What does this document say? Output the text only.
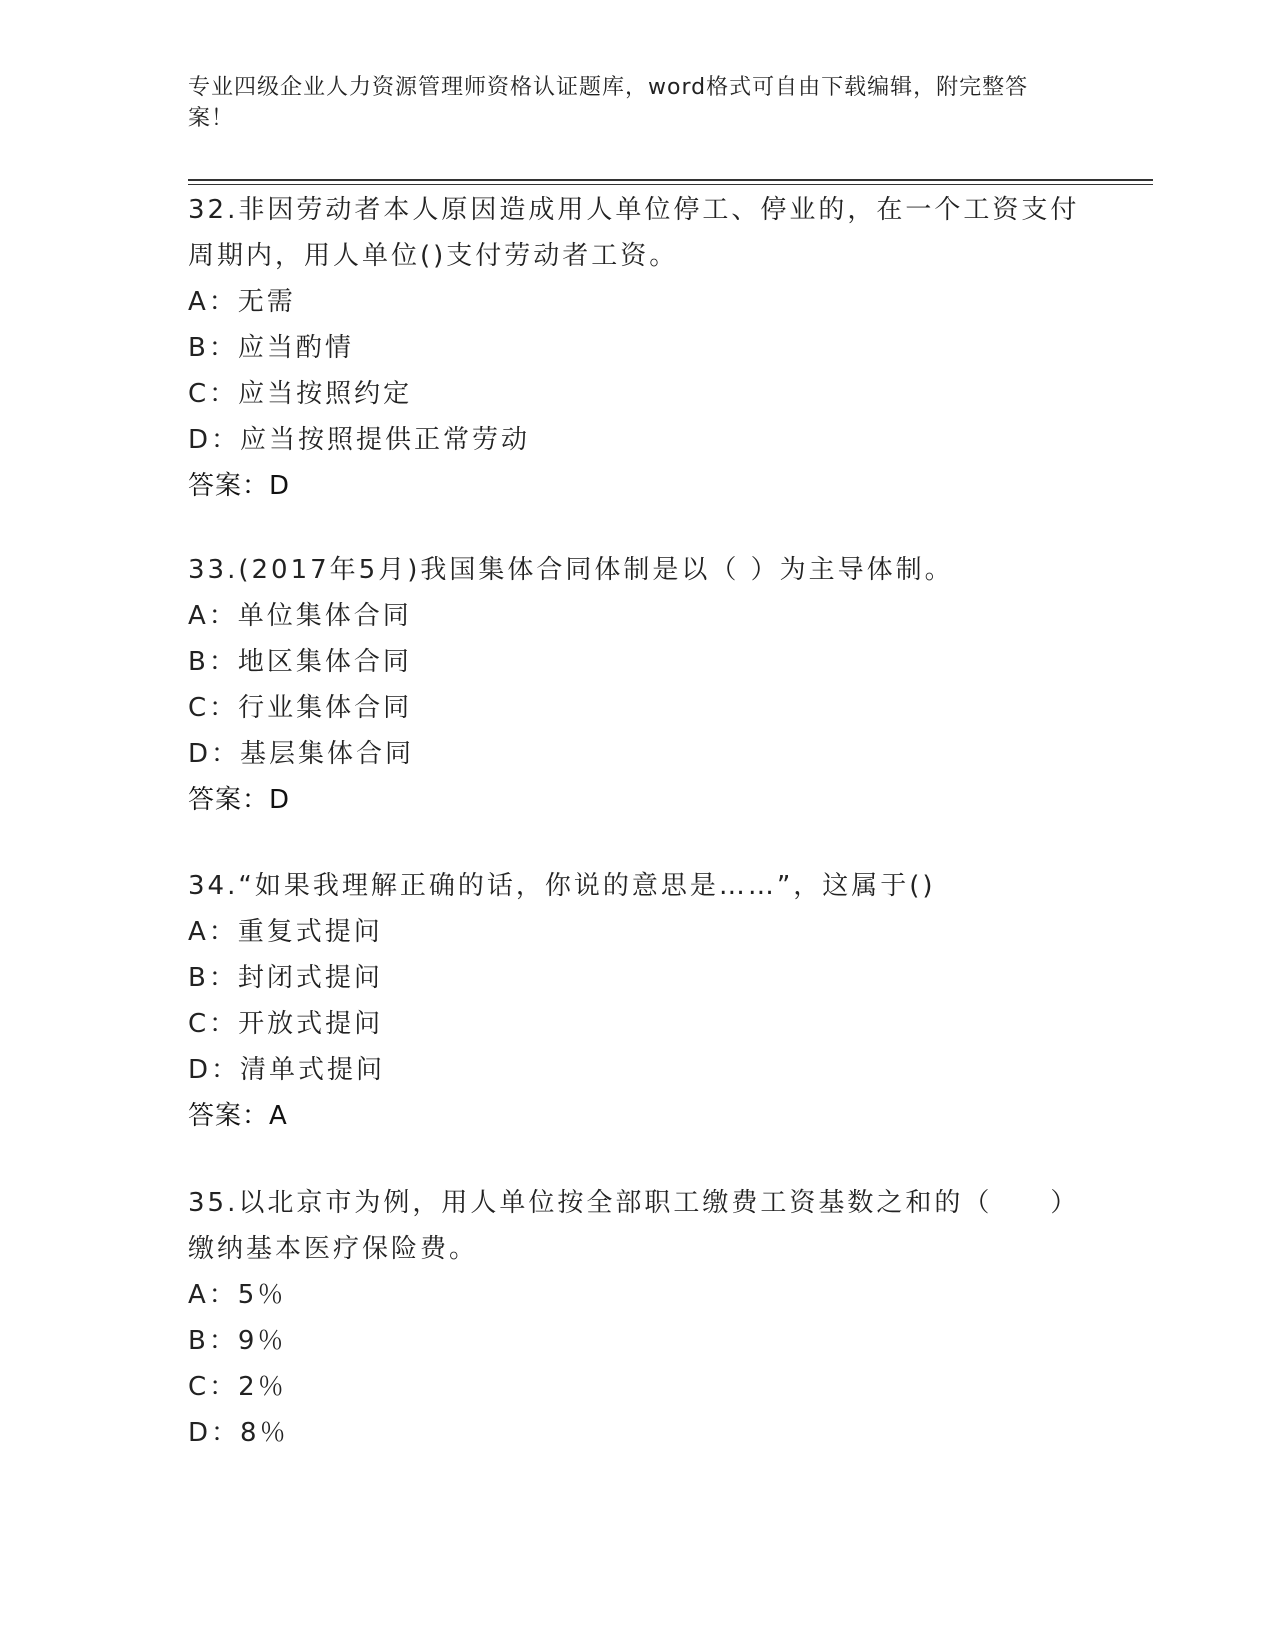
专业四级企业人力资源管理师资格认证题库，word格式可自由下载编辑，附完整答案！

32.非因劳动者本人原因造成用人单位停工、停业的，在一个工资支付周期内，用人单位()支付劳动者工资。

A：无需

B：应当酌情

C：应当按照约定

D：应当按照提供正常劳动

答案：D

33.(2017年5月)我国集体合同体制是以（ ）为主导体制。

A：单位集体合同

B：地区集体合同

C：行业集体合同

D：基层集体合同

答案：D

34.“如果我理解正确的话，你说的意思是……”，这属于()

A：重复式提问

B：封闭式提问

C：开放式提问

D：清单式提问

答案：A

35.以北京市为例，用人单位按全部职工缴费工资基数之和的（　　）缴纳基本医疗保险费。

A：5％

B：9％

C：2％

D：8％
